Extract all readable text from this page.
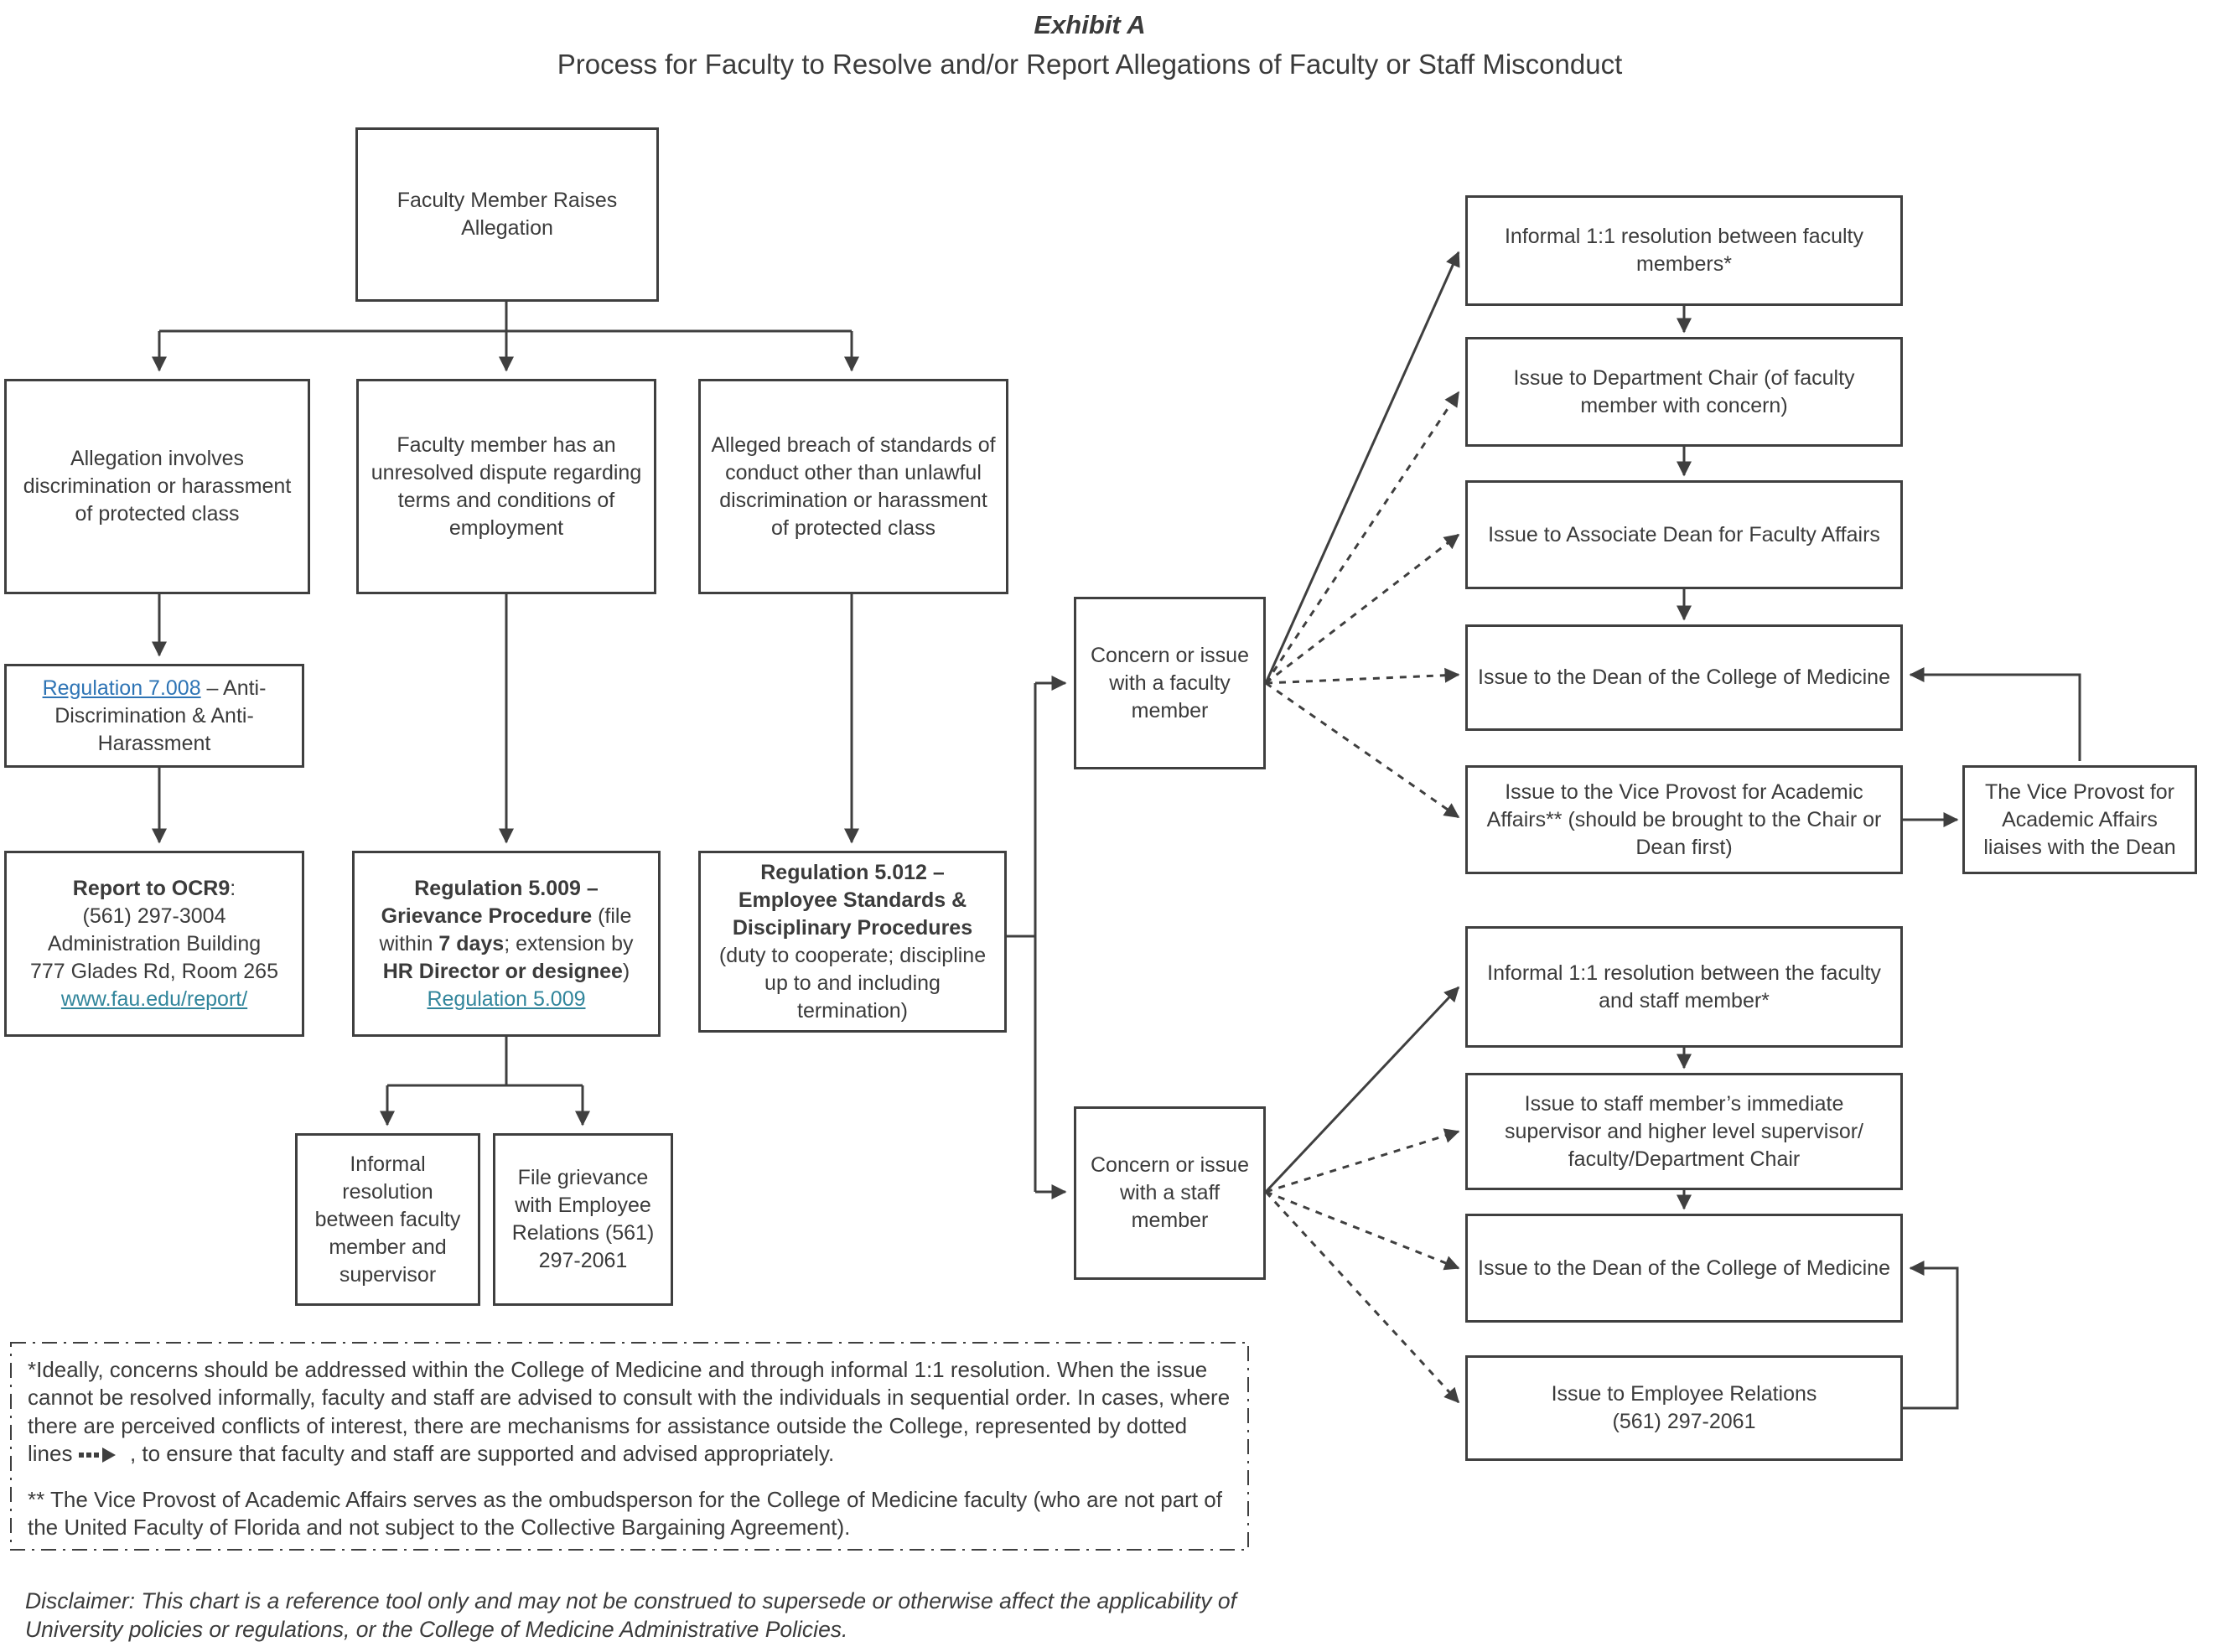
Exhibit A
Process for Faculty to Resolve and/or Report Allegations of Faculty or Staff Misconduct
Faculty Member Raises Allegation
Allegation involves discrimination or harassment of protected class
Faculty member has an unresolved dispute regarding terms and conditions of employment
Alleged breach of standards of conduct other than unlawful discrimination or harassment of protected class
Regulation 7.008 – Anti-Discrimination & Anti-Harassment
Report to OCR9:
(561) 297-3004
Administration Building
777 Glades Rd, Room 265
www.fau.edu/report/
Regulation 5.009 – Grievance Procedure (file within 7 days; extension by HR Director or designee)
Regulation 5.009
Regulation 5.012 – Employee Standards & Disciplinary Procedures (duty to cooperate; discipline up to and including termination)
Informal resolution between faculty member and supervisor
File grievance with Employee Relations (561) 297-2061
Concern or issue with a faculty member
Concern or issue with a staff member
Informal 1:1 resolution between faculty members*
Issue to Department Chair (of faculty member with concern)
Issue to Associate Dean for Faculty Affairs
Issue to the Dean of the College of Medicine
Issue to the Vice Provost for Academic Affairs** (should be brought to the Chair or Dean first)
The Vice Provost for Academic Affairs liaises with the Dean
Informal 1:1 resolution between the faculty and staff member*
Issue to staff member’s immediate supervisor and higher level supervisor/ faculty/Department Chair
Issue to the Dean of the College of Medicine
Issue to Employee Relations
(561) 297-2061
*Ideally, concerns should be addressed within the College of Medicine and through informal 1:1 resolution. When the issue cannot be resolved informally, faculty and staff are advised to consult with the individuals in sequential order. In cases, where there are perceived conflicts of interest, there are mechanisms for assistance outside the College, represented by dotted lines	, to ensure that faculty and staff are supported and advised appropriately.
** The Vice Provost of Academic Affairs serves as the ombudsperson for the College of Medicine faculty (who are not part of the United Faculty of Florida and not subject to the Collective Bargaining Agreement).
Disclaimer: This chart is a reference tool only and may not be construed to supersede or otherwise affect the applicability of University policies or regulations, or the College of Medicine Administrative Policies.
